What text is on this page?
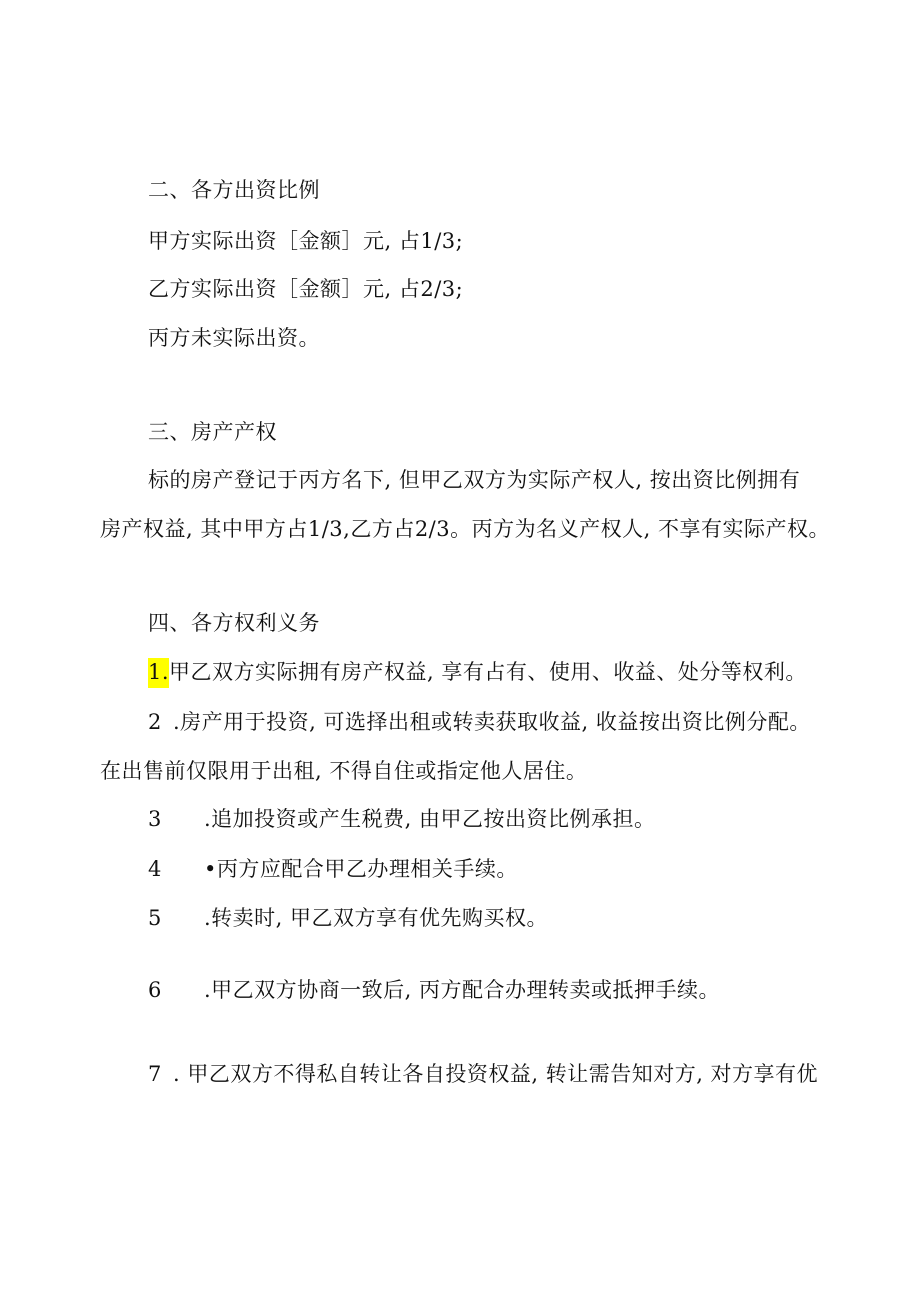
二、各方出资比例
甲方实际出资［金额］元, 占1/3;
乙方实际出资［金额］元, 占2/3;
丙方未实际出资。
三、房产产权
标的房产登记于丙方名下, 但甲乙双方为实际产权人, 按出资比例拥有
房产权益, 其中甲方占1/3,乙方占2/3。丙方为名义产权人, 不享有实际产权。
四、各方权利义务
1.甲乙双方实际拥有房产权益, 享有占有、使用、收益、处分等权利。
2 .房产用于投资, 可选择出租或转卖获取收益, 收益按出资比例分配。
在出售前仅限用于出租, 不得自住或指定他人居住。
3 .追加投资或产生税费, 由甲乙按出资比例承担。
4 •丙方应配合甲乙办理相关手续。
5 .转卖时, 甲乙双方享有优先购买权。
6 .甲乙双方协商一致后, 丙方配合办理转卖或抵押手续。
7 . 甲乙双方不得私自转让各自投资权益, 转让需告知对方, 对方享有优
